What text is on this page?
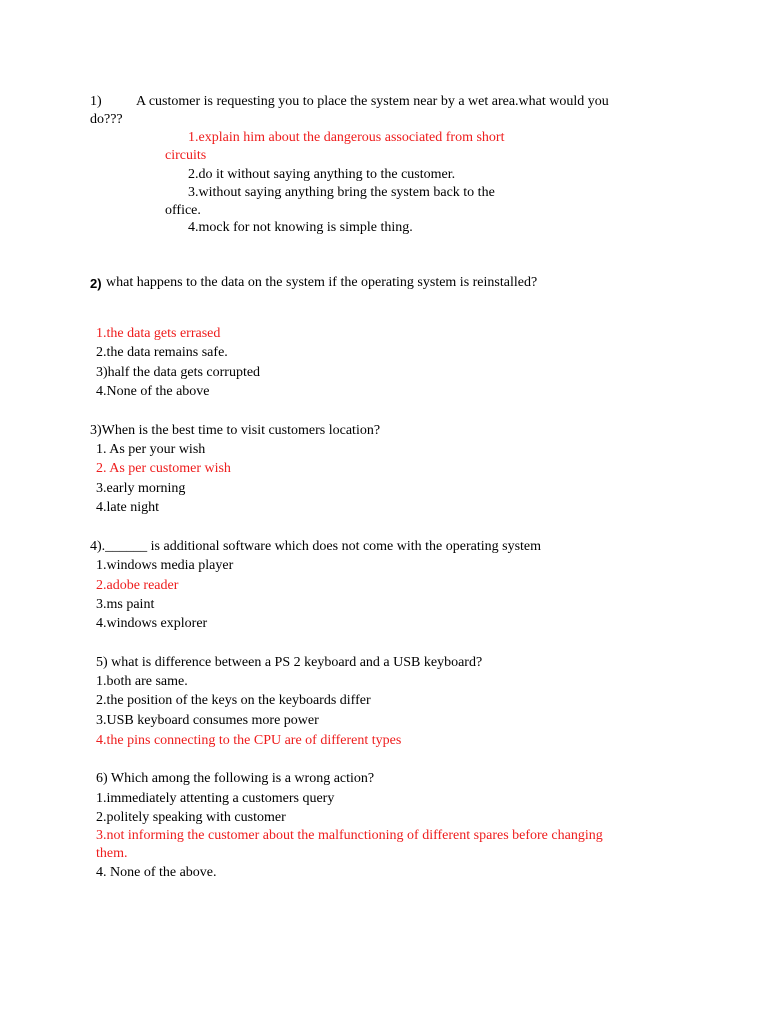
1) A customer is requesting you to place the system near by a wet area.what would you
do???
1.explain him about the dangerous associated from short
circuits
2.do it without saying anything to the customer.
3.without saying anything bring the system back to the
office.
4.mock for not knowing is simple thing.
2) what happens to the data on the system if the operating system is reinstalled?
1.the data gets errased
2.the data remains safe.
3)half the data gets corrupted
4.None of the above
3)When is the best time to visit customers location?
1. As per your wish
2. As per customer wish
3.early morning
4.late night
4).______ is additional software which does not come with the operating system
1.windows media player
2.adobe reader
3.ms paint
4.windows explorer
5) what is difference between a PS 2 keyboard and a USB keyboard?
1.both are same.
2.the position of the keys on the keyboards differ
3.USB keyboard consumes more power
4.the pins connecting to the CPU are of different types
6) Which among the following is a wrong action?
1.immediately attenting a customers query
2.politely speaking with customer
3.not informing the customer about the malfunctioning of different spares before changing
them.
4. None of the above.
